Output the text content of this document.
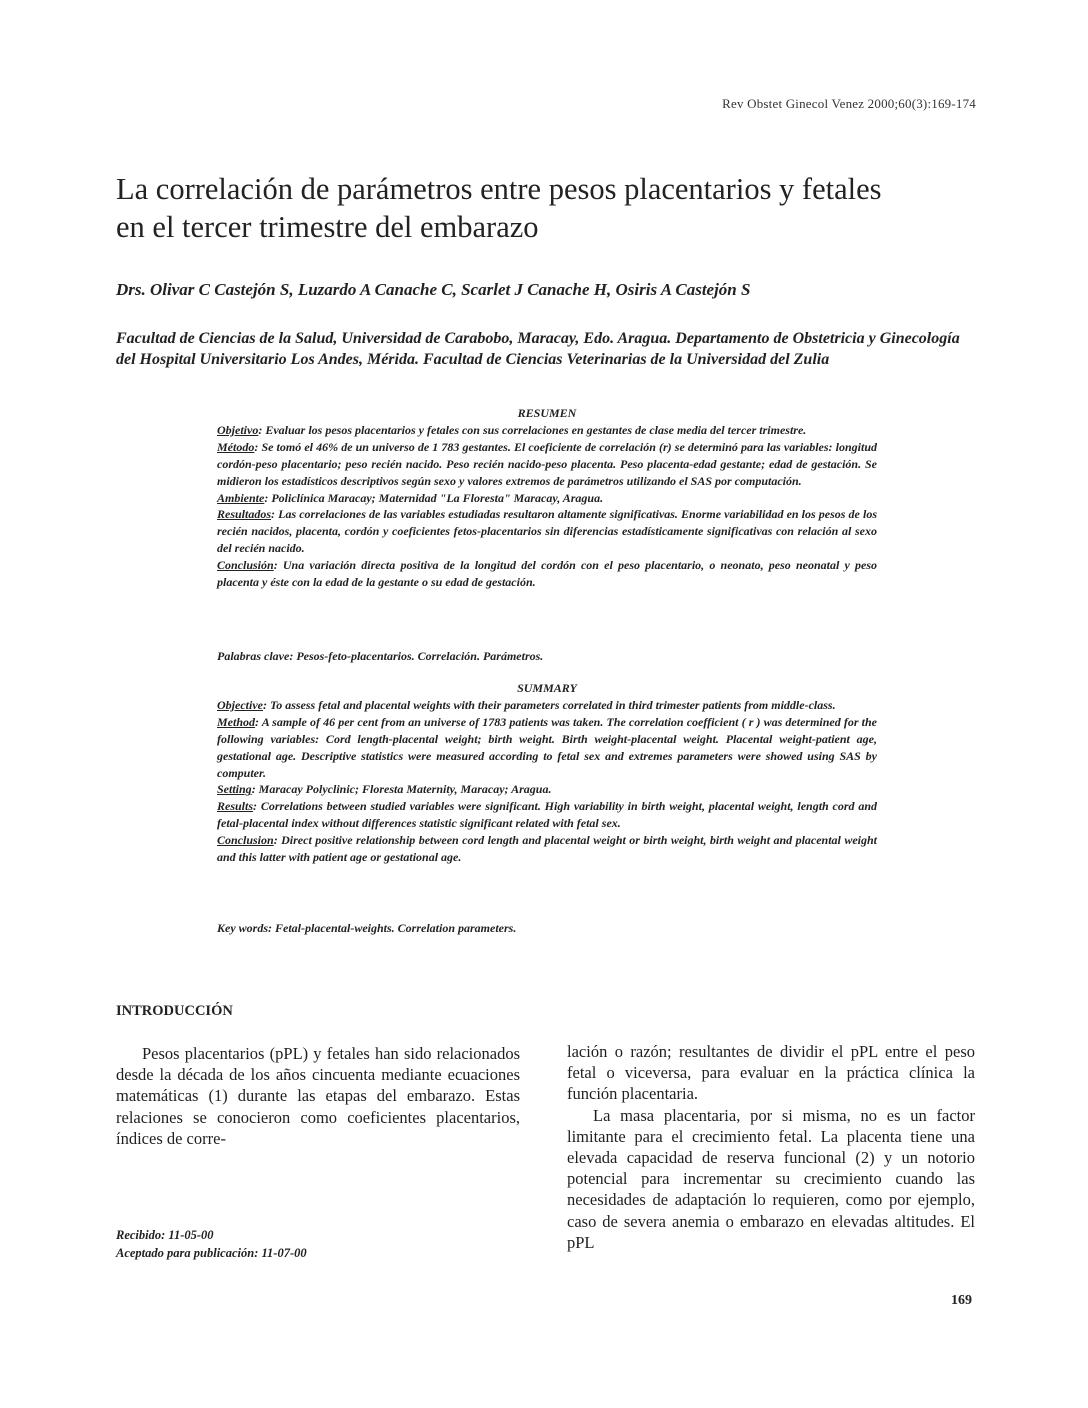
Rev Obstet Ginecol Venez 2000;60(3):169-174
La correlación de parámetros entre pesos placentarios y fetales
en el tercer trimestre del embarazo
Drs. Olivar C Castejón S, Luzardo A Canache C, Scarlet J Canache H, Osiris A Castejón S
Facultad de Ciencias de la Salud, Universidad de Carabobo, Maracay, Edo. Aragua. Departamento de Obstetricia y Ginecología del Hospital Universitario Los Andes, Mérida. Facultad de Ciencias Veterinarias de la Universidad del Zulia
RESUMEN
Objetivo: Evaluar los pesos placentarios y fetales con sus correlaciones en gestantes de clase media del tercer trimestre.
Método: Se tomó el 46% de un universo de 1 783 gestantes. El coeficiente de correlación (r) se determinó para las variables: longitud cordón-peso placentario; peso recién nacido. Peso recién nacido-peso placenta. Peso placenta-edad gestante; edad de gestación. Se midieron los estadísticos descriptivos según sexo y valores extremos de parámetros utilizando el SAS por computación.
Ambiente: Policlínica Maracay; Maternidad "La Floresta" Maracay, Aragua.
Resultados: Las correlaciones de las variables estudiadas resultaron altamente significativas. Enorme variabilidad en los pesos de los recién nacidos, placenta, cordón y coeficientes fetos-placentarios sin diferencias estadísticamente significativas con relación al sexo del recién nacido.
Conclusión: Una variación directa positiva de la longitud del cordón con el peso placentario, o neonato, peso neonatal y peso placenta y éste con la edad de la gestante o su edad de gestación.
Palabras clave: Pesos-feto-placentarios. Correlación. Parámetros.
SUMMARY
Objective: To assess fetal and placental weights with their parameters correlated in third trimester patients from middle-class.
Method: A sample of 46 per cent from an universe of 1783 patients was taken. The correlation coefficient ( r ) was determined for the following variables: Cord length-placental weight; birth weight. Birth weight-placental weight. Placental weight-patient age, gestational age. Descriptive statistics were measured according to fetal sex and extremes parameters were showed using SAS by computer.
Setting: Maracay Polyclinic; Floresta Maternity, Maracay; Aragua.
Results: Correlations between studied variables were significant. High variability in birth weight, placental weight, length cord and fetal-placental index without differences statistic significant related with fetal sex.
Conclusion: Direct positive relationship between cord length and placental weight or birth weight, birth weight and placental weight and this latter with patient age or gestational age.
Key words: Fetal-placental-weights. Correlation parameters.
INTRODUCCIÓN

Pesos placentarios (pPL) y fetales han sido relacionados desde la década de los años cincuenta mediante ecuaciones matemáticas (1) durante las etapas del embarazo. Estas relaciones se conocieron como coeficientes placentarios, índices de corre-

lación o razón; resultantes de dividir el pPL entre el peso fetal o viceversa, para evaluar en la práctica clínica la función placentaria.

La masa placentaria, por si misma, no es un factor limitante para el crecimiento fetal. La placenta tiene una elevada capacidad de reserva funcional (2) y un notorio potencial para incrementar su crecimiento cuando las necesidades de adaptación lo requieren, como por ejemplo, caso de severa anemia o embarazo en elevadas altitudes. El pPL

Recibido: 11-05-00
Aceptado para publicación: 11-07-00
169
